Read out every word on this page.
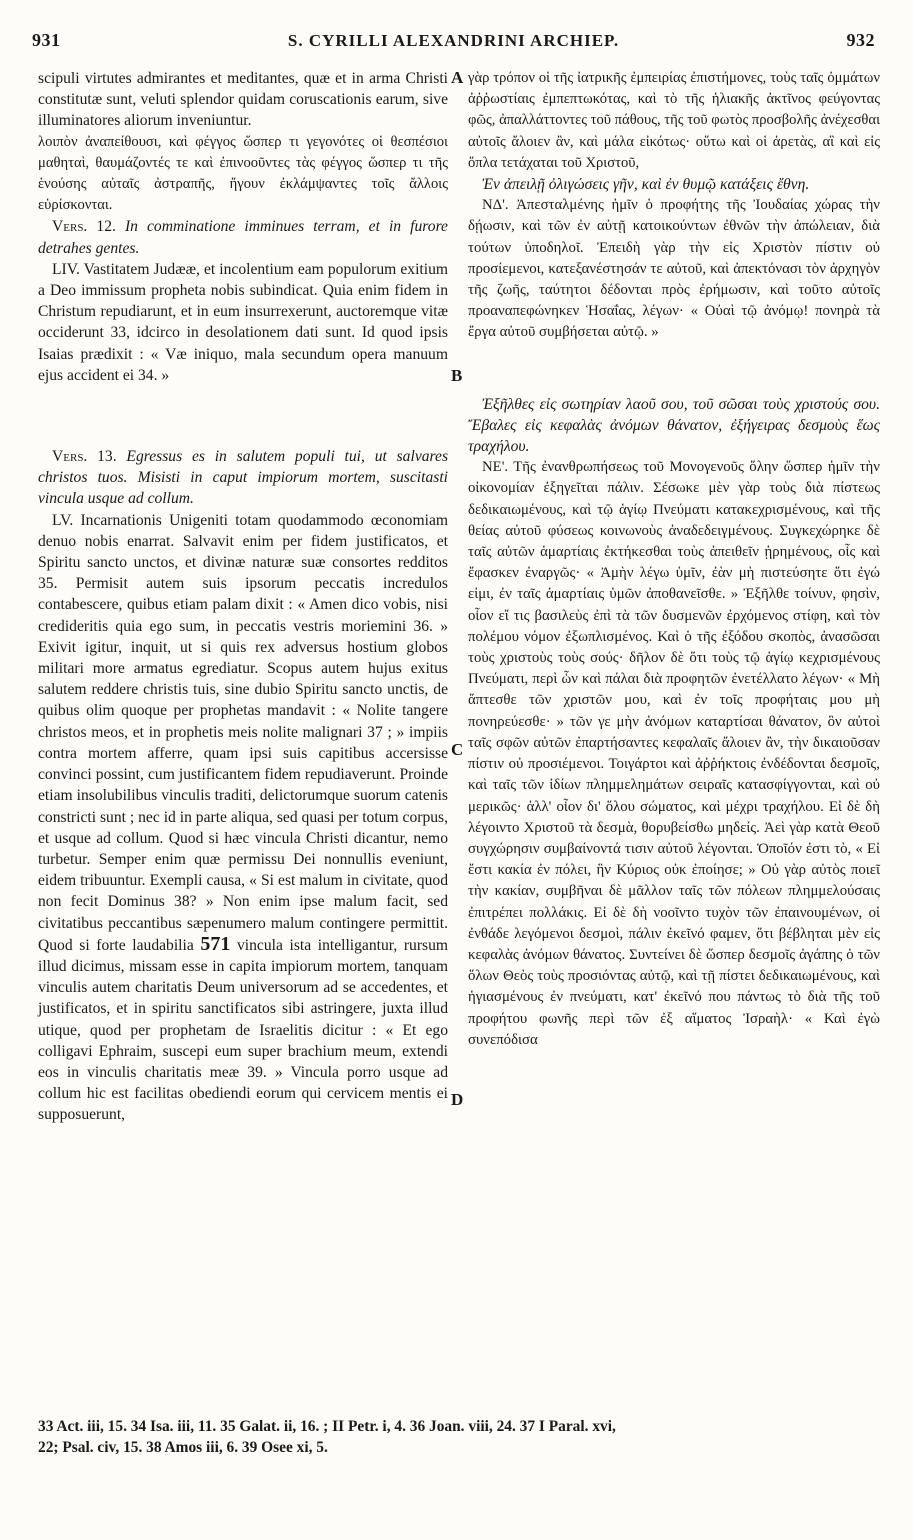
931	S. CYRILLI ALEXANDRINI ARCHIEP.	932
A
B
C
D

scipuli virtutes admirantes et meditantes, quæ et in arma Christi constitutæ sunt, veluti splendor quidam coruscationis earum, sive illuminatores aliorum inveniuntur.

λοιπὸν ἀναπείθουσι, καὶ φέγγος ὥσπερ τι γεγονότες οἱ θεσπέσιοι μαθηταὶ, θαυμάζοντές τε καὶ ἐπινοοῦντες τὰς φέγγος ὥσπερ τι τῆς ἑνούσης αὐταῖς ἀστραπῆς, ἤγουν ἐκλάμψαντες τοῖς ἄλλοις εὑρίσκονται.

Vers. 12. In comminatione imminues terram, et in furore detrahes gentes.

LIV. Vastitatem Judææ, et incolentium eam populorum exitium a Deo immissum propheta nobis subindicat. Quia enim fidem in Christum repudiarunt, et in eum insurrexerunt, auctoremque vitæ occiderunt 33, idcirco in desolationem dati sunt. Id quod ipsis Isaias prædixit : « Væ iniquo, mala secundum opera manuum ejus accident ei 34. »

Vers. 13. Egressus es in salutem populi tui, ut salvares christos tuos. Misisti in caput impiorum mortem, suscitasti vincula usque ad collum.

LV. Incarnationis Unigeniti totam quodammodo œconomiam denuo nobis enarrat. Salvavit enim per fidem justificatos, et Spiritu sancto unctos, et divinæ naturæ suæ consortes redditos 35. Permisit autem suis ipsorum peccatis incredulos contabescere, quibus etiam palam dixit : « Amen dico vobis, nisi credideritis quia ego sum, in peccatis vestris moriemini 36. » Exivit igitur, inquit, ut si quis rex adversus hostium globos militari more armatus egrediatur. Scopus autem hujus exitus salutem reddere christis tuis, sine dubio Spiritu sancto unctis, de quibus olim quoque per prophetas mandavit : « Nolite tangere christos meos, et in prophetis meis nolite malignari 37 ; » impiis contra mortem afferre, quam ipsi suis capitibus accersisse convinci possint, cum justificantem fidem repudiaverunt. Proinde etiam insolubilibus vinculis traditi, delictorumque suorum catenis constricti sunt ; nec id in parte aliqua, sed quasi per totum corpus, et usque ad collum. Quod si hæc vincula Christi dicantur, nemo turbetur. Semper enim quæ permissu Dei nonnullis eveniunt, eidem tribuuntur. Exempli causa, « Si est malum in civitate, quod non fecit Dominus 38? » Non enim ipse malum facit, sed civitatibus peccantibus sæpenumero malum contingere permittit. Quod si forte laudabilia 571 vincula ista intelligantur, rursum illud dicimus, missam esse in capita impiorum mortem, tanquam vinculis autem charitatis Deum universorum ad se accedentes, et justificatos, et in spiritu sanctificatos sibi astringere, juxta illud utique, quod per prophetam de Israelitis dicitur : « Et ego colligavi Ephraim, suscepi eum super brachium meum, extendi eos in vinculis charitatis meæ 39. » Vincula porro usque ad collum hic est facilitas obediendi eorum qui cervicem mentis ei supposuerunt,

γὰρ τρόπον οἱ τῆς ἰατρικῆς ἐμπειρίας ἐπιστήμονες, τοὺς ταῖς ὀμμάτων ἀῤῥωστίαις ἐμπεπτωκότας, καὶ τὸ τῆς ἡλιακῆς ἀκτῖνος φεύγοντας φῶς, ἀπαλλάττοντες τοῦ πάθους, τῆς τοῦ φωτὸς προσβολῆς ἀνέχεσθαι αὐτοῖς ἄλοιεν ἂν, καὶ μάλα εἰκότως· οὕτω καὶ οἱ ἀρετὰς, αἳ καὶ εἰς ὅπλα τετάχαται τοῦ Χριστοῦ,

Ἐν ἀπειλῇ ὀλιγώσεις γῆν, καὶ ἐν θυμῷ κατάξεις ἔθνη.

ΝΔ'. Ἀπεσταλμένης ἡμῖν ὁ προφήτης τῆς Ἰουδαίας χώρας τὴν δῄωσιν, καὶ τῶν ἐν αὐτῇ κατοικούντων ἐθνῶν τὴν ἀπώλειαν, διὰ τούτων ὑποδηλοῖ. Ἐπειδὴ γὰρ τὴν εἰς Χριστὸν πίστιν οὐ προσίεμενοι, κατεξανέστησάν τε αὐτοῦ, καὶ ἀπεκτόνασι τὸν ἀρχηγὸν τῆς ζωῆς, ταύτητοι δέδονται πρὸς ἐρήμωσιν, καὶ τοῦτο αὐτοῖς προαναπεφώνηκεν Ἡσαΐας, λέγων· « Οὐαὶ τῷ ἀνόμῳ! πονηρὰ τὰ ἔργα αὐτοῦ συμβήσεται αὐτῷ. »

Ἐξῆλθες εἰς σωτηρίαν λαοῦ σου, τοῦ σῶσαι τοὺς χριστούς σου. Ἔβαλες εἰς κεφαλὰς ἀνόμων θάνατον, ἐξήγειρας δεσμοὺς ἕως τραχήλου.

ΝΕ'. Τῆς ἐνανθρωπήσεως τοῦ Μονογενοῦς ὅλην ὥσπερ ἡμῖν τὴν οἰκονομίαν ἐξηγεῖται πάλιν. Σέσωκε μὲν γὰρ τοὺς διὰ πίστεως δεδικαιωμένους, καὶ τῷ ἁγίῳ Πνεύματι κατακεχρισμένους, καὶ τῆς θείας αὐτοῦ φύσεως κοινωνοὺς ἀναδεδειγμένους. Συγκεχώρηκε δὲ ταῖς αὐτῶν ἁμαρτίαις ἐκτήκεσθαι τοὺς ἀπειθεῖν ᾑρημένους, οἷς καὶ ἔφασκεν ἐναργῶς· « Ἀμὴν λέγω ὑμῖν, ἐὰν μὴ πιστεύσητε ὅτι ἐγώ εἰμι, ἐν ταῖς ἁμαρτίαις ὑμῶν ἀποθανεῖσθε. » Ἐξῆλθε τοίνυν, φησὶν, οἷον εἴ τις βασιλεὺς ἐπὶ τὰ τῶν δυσμενῶν ἐρχόμενος στίφη, καὶ τὸν πολέμου νόμον ἐξωπλισμένος. Καὶ ὁ τῆς ἐξόδου σκοπὸς, ἀνασῶσαι τοὺς χριστοὺς τοὺς σούς· δῆλον δὲ ὅτι τοὺς τῷ ἁγίῳ κεχρισμένους Πνεύματι, περὶ ὧν καὶ πάλαι διὰ προφητῶν ἐνετέλλατο λέγων· « Μὴ ἅπτεσθε τῶν χριστῶν μου, καὶ ἐν τοῖς προφήταις μου μὴ πονηρεύεσθε· » τῶν γε μὴν ἀνόμων καταρτίσαι θάνατον, ὃν αὐτοὶ ταῖς σφῶν αὐτῶν ἐπαρτήσαντες κεφαλαῖς ἄλοιεν ἂν, τὴν δικαιοῦσαν πίστιν οὐ προσιέμενοι. Τοιγάρτοι καὶ ἀῤῥήκτοις ἐνδέδονται δεσμοῖς, καὶ ταῖς τῶν ἰδίων πλημμελημάτων σειραῖς κατασφίγγονται, καὶ οὐ μερικῶς· ἀλλ' οἷον δι' ὅλου σώματος, καὶ μέχρι τραχήλου. Εἰ δὲ δὴ λέγοιντο Χριστοῦ τὰ δεσμὰ, θορυβείσθω μηδείς. Ἀεὶ γὰρ κατὰ Θεοῦ συγχώρησιν συμβαίνοντά τισιν αὐτοῦ λέγονται. Ὁποῖόν ἐστι τὸ, « Εἰ ἔστι κακία ἐν πόλει, ἣν Κύριος οὐκ ἐποίησε; » Οὐ γὰρ αὐτὸς ποιεῖ τὴν κακίαν, συμβῆναι δὲ μᾶλλον ταῖς τῶν πόλεων πλημμελούσαις ἐπιτρέπει πολλάκις. Εἰ δὲ δὴ νοοῖντο τυχὸν τῶν ἐπαινουμένων, οἱ ἐνθάδε λεγόμενοι δεσμοὶ, πάλιν ἐκεῖνό φαμεν, ὅτι βέβληται μὲν εἰς κεφαλὰς ἀνόμων θάνατος. Συντείνει δὲ ὥσπερ δεσμοῖς ἀγάπης ὁ τῶν ὅλων Θεὸς τοὺς προσιόντας αὐτῷ, καὶ τῇ πίστει δεδικαιωμένους, καὶ ἡγιασμένους ἐν πνεύματι, κατ' ἐκεῖνό που πάντως τὸ διὰ τῆς τοῦ προφήτου φωνῆς περὶ τῶν ἐξ αἵματος Ἰσραὴλ· « Καὶ ἐγὼ συνεπόδισα

33 Act. iii, 15. 34 Isa. iii, 11. 35 Galat. ii, 16. ; II Petr. i, 4. 36 Joan. viii, 24. 37 I Paral. xvi,
22; Psal. civ, 15. 38 Amos iii, 6. 39 Osee xi, 5.
